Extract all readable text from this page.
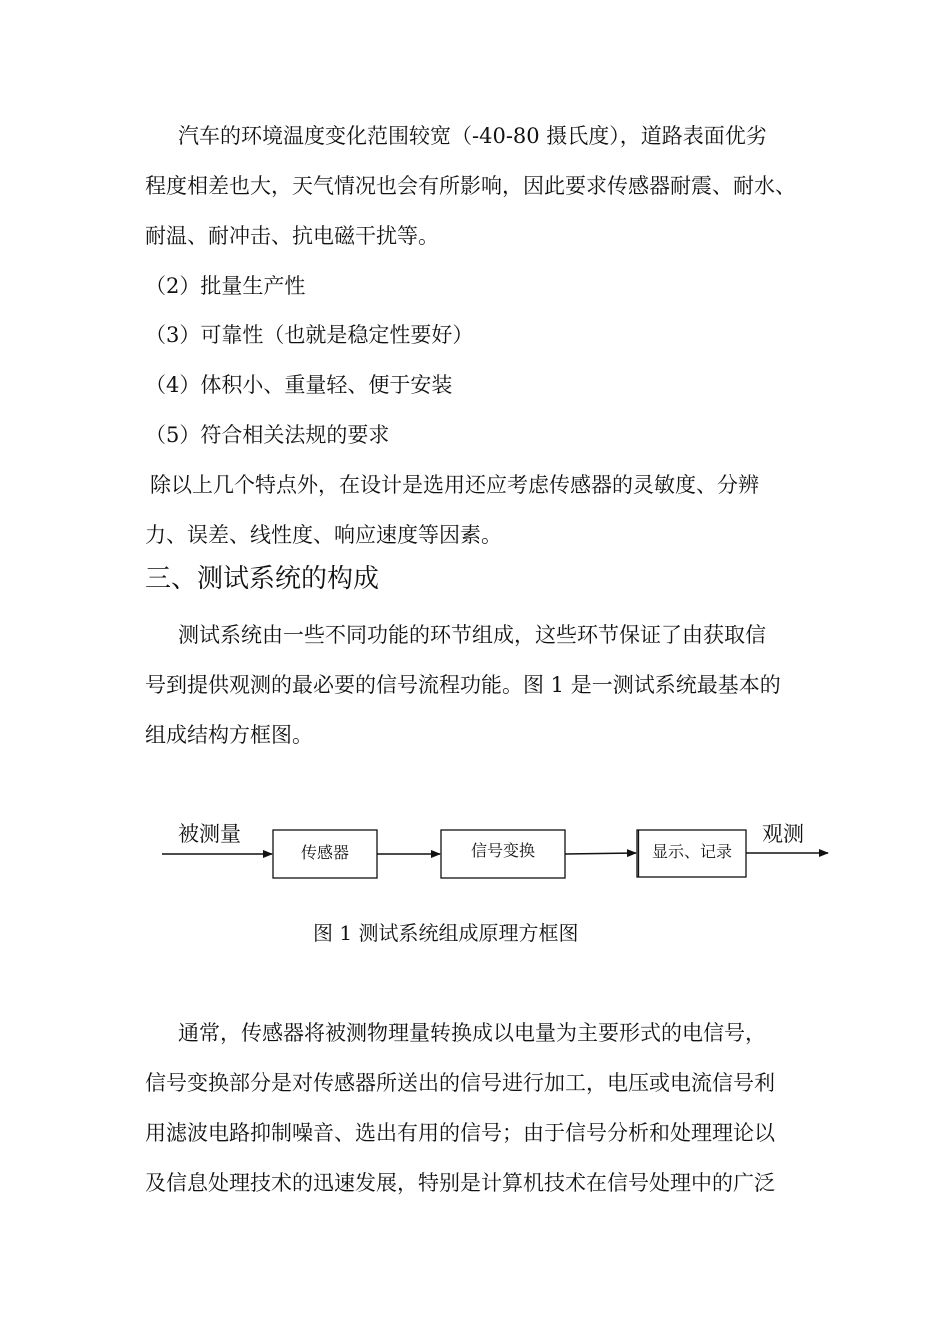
汽车的环境温度变化范围较宽（-40-80 摄氏度），道路表面优劣
程度相差也大，天气情况也会有所影响，因此要求传感器耐震、耐水、
耐温、耐冲击、抗电磁干扰等。
（2）批量生产性
（3）可靠性（也就是稳定性要好）
（4）体积小、重量轻、便于安装
（5）符合相关法规的要求
除以上几个特点外，在设计是选用还应考虑传感器的灵敏度、分辨
力、误差、线性度、响应速度等因素。
三、测试系统的构成
测试系统由一些不同功能的环节组成，这些环节保证了由获取信
号到提供观测的最必要的信号流程功能。图 1 是一测试系统最基本的
组成结构方框图。
被测量	观测
传感器	信号变换	显示、记录
图 1 测试系统组成原理方框图
通常，传感器将被测物理量转换成以电量为主要形式的电信号，
信号变换部分是对传感器所送出的信号进行加工，电压或电流信号利
用滤波电路抑制噪音、选出有用的信号；由于信号分析和处理理论以
及信息处理技术的迅速发展，特别是计算机技术在信号处理中的广泛
